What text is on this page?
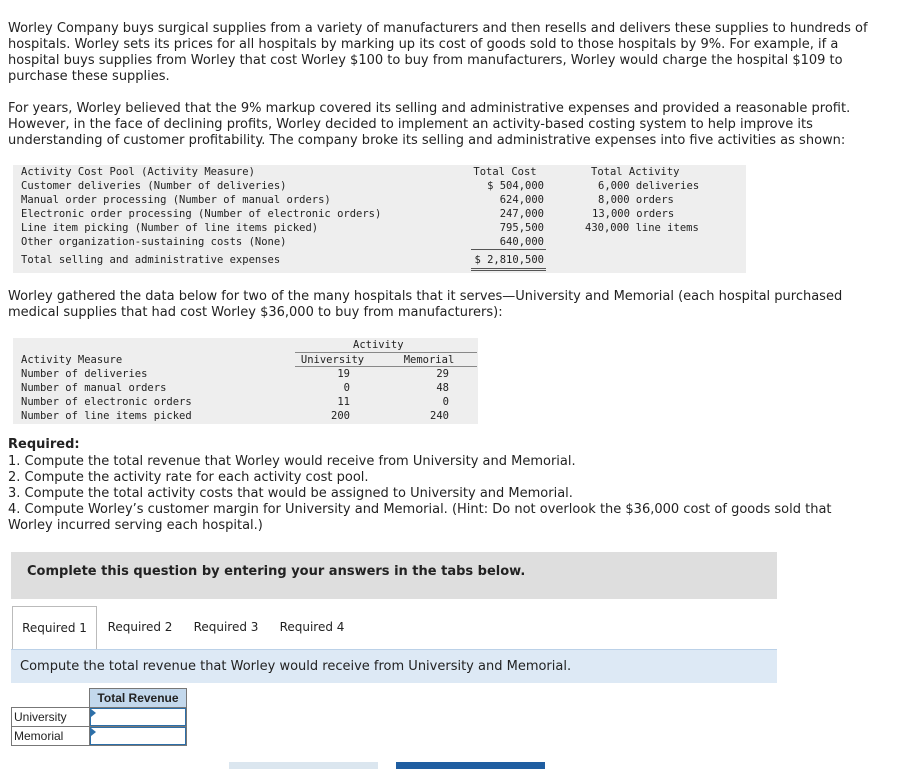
Worley Company buys surgical supplies from a variety of manufacturers and then resells and delivers these supplies to hundreds of hospitals. Worley sets its prices for all hospitals by marking up its cost of goods sold to those hospitals by 9%. For example, if a hospital buys supplies from Worley that cost Worley $100 to buy from manufacturers, Worley would charge the hospital $109 to purchase these supplies.

For years, Worley believed that the 9% markup covered its selling and administrative expenses and provided a reasonable profit. However, in the face of declining profits, Worley decided to implement an activity-based costing system to help improve its understanding of customer profitability. The company broke its selling and administrative expenses into five activities as shown:

Activity Cost Pool (Activity Measure)	Total Cost	Total Activity
Customer deliveries (Number of deliveries)	$ 504,000	6,000 deliveries
Manual order processing (Number of manual orders)	624,000	8,000 orders
Electronic order processing (Number of electronic orders)	247,000	13,000 orders
Line item picking (Number of line items picked)	795,500	430,000 line items
Other organization-sustaining costs (None)	640,000
Total selling and administrative expenses	$ 2,810,500

Worley gathered the data below for two of the many hospitals that it serves—University and Memorial (each hospital purchased medical supplies that had cost Worley $36,000 to buy from manufacturers):

Activity
Activity Measure	University	Memorial
Number of deliveries	19	29
Number of manual orders	0	48
Number of electronic orders	11	0
Number of line items picked	200	240

Required:

1. Compute the total revenue that Worley would receive from University and Memorial.

2. Compute the activity rate for each activity cost pool.

3. Compute the total activity costs that would be assigned to University and Memorial.

4. Compute Worley’s customer margin for University and Memorial. (Hint: Do not overlook the $36,000 cost of goods sold that Worley incurred serving each hospital.)

Complete this question by entering your answers in the tabs below.
Required 1	Required 2	Required 3	Required 4
Compute the total revenue that Worley would receive from University and Memorial.
	Total Revenue
University	
Memorial	
